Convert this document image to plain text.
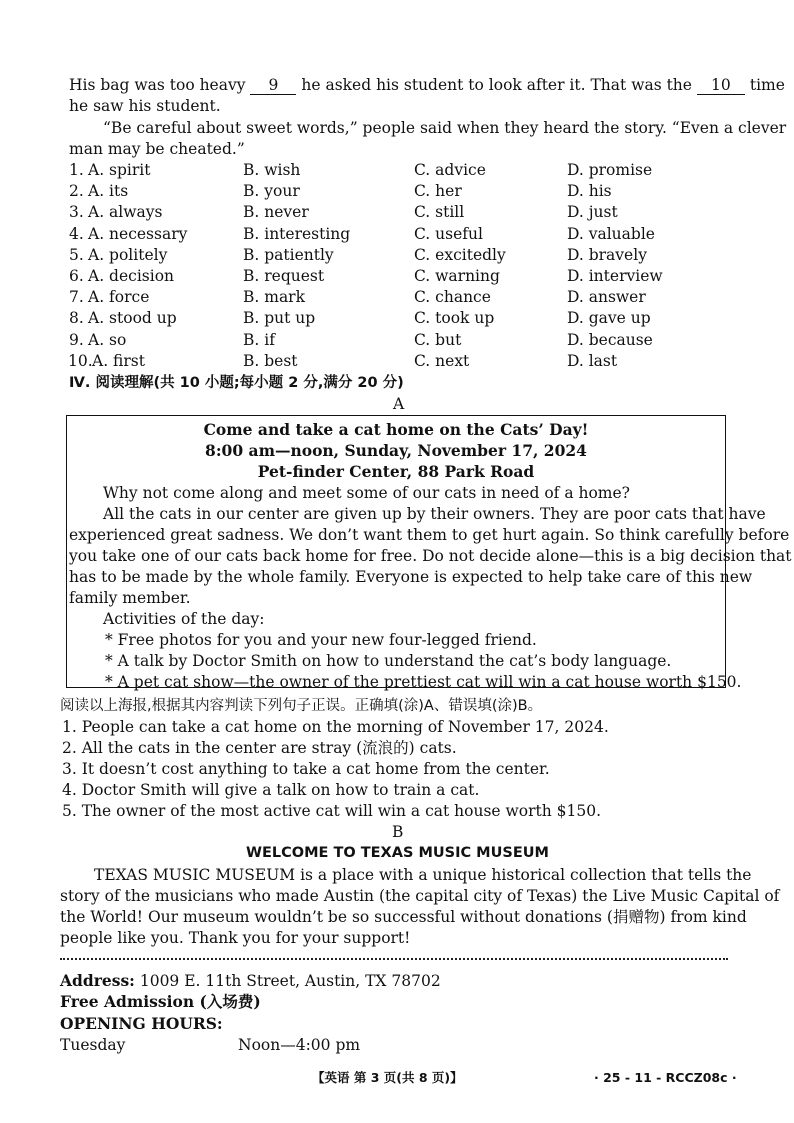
His bag was too heavy 9 he asked his student to look after it. That was the 10 time
he saw his student.
“Be careful about sweet words,” people said when they heard the story. “Even a clever
man may be cheated.”
1. A. spirit	B. wish	C. advice	D. promise
2. A. its	B. your	C. her	D. his
3. A. always	B. never	C. still	D. just
4. A. necessary	B. interesting	C. useful	D. valuable
5. A. politely	B. patiently	C. excitedly	D. bravely
6. A. decision	B. request	C. warning	D. interview
7. A. force	B. mark	C. chance	D. answer
8. A. stood up	B. put up	C. took up	D. gave up
9. A. so	B. if	C. but	D. because
10. A. first	B. best	C. next	D. last
Ⅳ. 阅读理解(共 10 小题;每小题 2 分,满分 20 分)
A
Come and take a cat home on the Cats’ Day!
8:00 am—noon, Sunday, November 17, 2024
Pet-finder Center, 88 Park Road
Why not come along and meet some of our cats in need of a home?
All the cats in our center are given up by their owners. They are poor cats that have
experienced great sadness. We don’t want them to get hurt again. So think carefully before
you take one of our cats back home for free. Do not decide alone—this is a big decision that
has to be made by the whole family. Everyone is expected to help take care of this new
family member.
Activities of the day:
* Free photos for you and your new four-legged friend.
* A talk by Doctor Smith on how to understand the cat’s body language.
* A pet cat show—the owner of the prettiest cat will win a cat house worth $150.
阅读以上海报,根据其内容判读下列句子正误。正确填(涂)A、错误填(涂)B。
1. People can take a cat home on the morning of November 17, 2024.
2. All the cats in the center are stray (流浪的) cats.
3. It doesn’t cost anything to take a cat home from the center.
4. Doctor Smith will give a talk on how to train a cat.
5. The owner of the most active cat will win a cat house worth $150.
B
WELCOME TO TEXAS MUSIC MUSEUM
TEXAS MUSIC MUSEUM is a place with a unique historical collection that tells the
story of the musicians who made Austin (the capital city of Texas) the Live Music Capital of
the World! Our museum wouldn’t be so successful without donations (捐赠物) from kind
people like you. Thank you for your support!
Address: 1009 E. 11th Street, Austin, TX 78702
Free Admission (入场费)
OPENING HOURS:
Tuesday	Noon—4:00 pm
【英语 第 3 页(共 8 页)】	· 25 - 11 - RCCZ08c ·
